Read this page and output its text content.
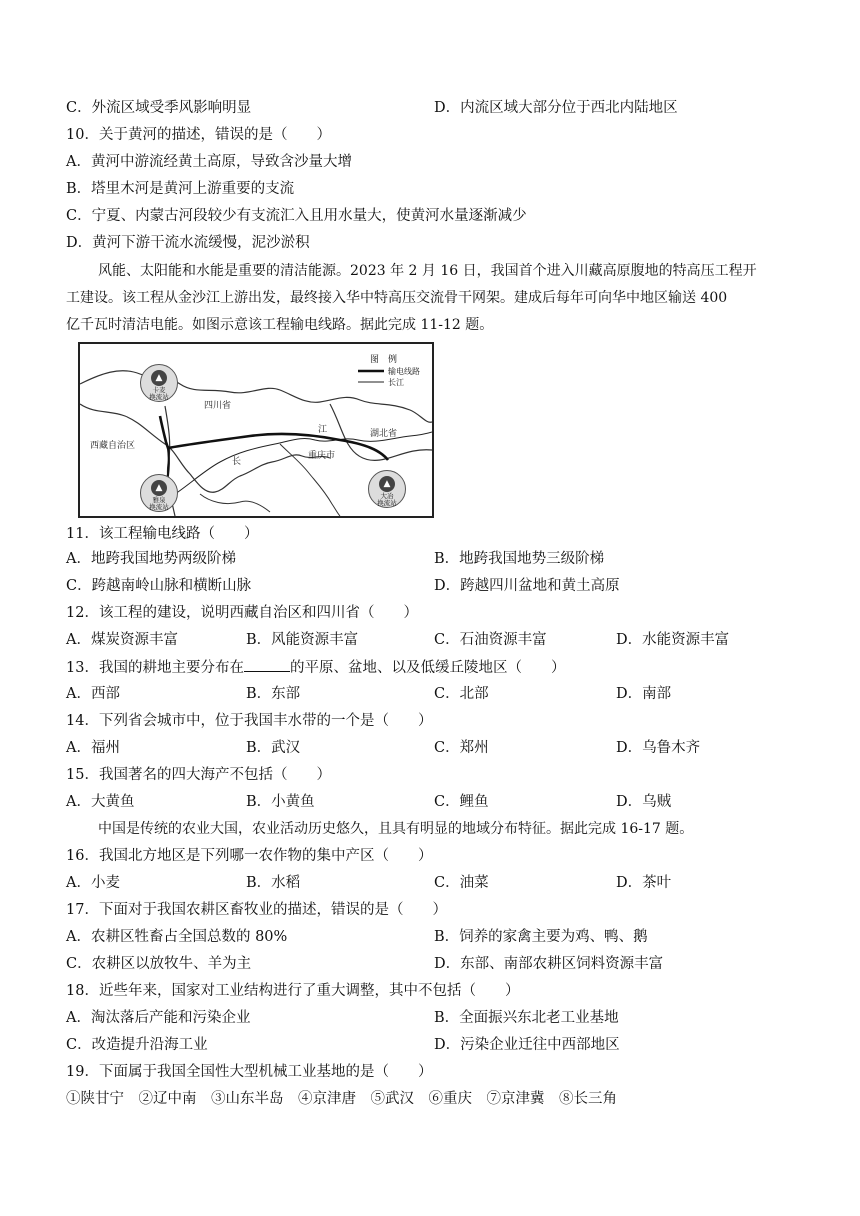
C．外流区域受季风影响明显	D．内流区域大部分位于西北内陆地区
10．关于黄河的描述，错误的是（　　）
A．黄河中游流经黄土高原，导致含沙量大增
B．塔里木河是黄河上游重要的支流
C．宁夏、内蒙古河段较少有支流汇入且用水量大，使黄河水量逐渐减少
D．黄河下游干流水流缓慢，泥沙淤积
风能、太阳能和水能是重要的清洁能源。2023 年 2 月 16 日，我国首个进入川藏高原腹地的特高压工程开
工建设。该工程从金沙江上游出发，最终接入华中特高压交流骨干网架。建成后每年可向华中地区输送 400
亿千瓦时清洁电能。如图示意该工程输电线路。据此完成 11-12 题。
图　例
输电线路
长江
四川省
西藏自治区
湖北省
重庆市
江
长
▲
卡麦
换流站
▲
雅泉
换流站
▲
大冶
换流站
11．该工程输电线路（　　）
A．地跨我国地势两级阶梯	B．地跨我国地势三级阶梯
C．跨越南岭山脉和横断山脉	D．跨越四川盆地和黄土高原
12．该工程的建设，说明西藏自治区和四川省（　　）
A．煤炭资源丰富	B．风能资源丰富	C．石油资源丰富	D．水能资源丰富
13．我国的耕地主要分布在	的平原、盆地、以及低缓丘陵地区（　　）
A．西部	B．东部	C．北部	D．南部
14．下列省会城市中，位于我国丰水带的一个是（　　）
A．福州	B．武汉	C．郑州	D．乌鲁木齐
15．我国著名的四大海产不包括（　　）
A．大黄鱼	B．小黄鱼	C．鲤鱼	D．乌贼
中国是传统的农业大国，农业活动历史悠久，且具有明显的地域分布特征。据此完成 16-17 题。
16．我国北方地区是下列哪一农作物的集中产区（　　）
A．小麦	B．水稻	C．油菜	D．茶叶
17．下面对于我国农耕区畜牧业的描述，错误的是（　　）
A．农耕区牲畜占全国总数的 80%	B．饲养的家禽主要为鸡、鸭、鹅
C．农耕区以放牧牛、羊为主	D．东部、南部农耕区饲料资源丰富
18．近些年来，国家对工业结构进行了重大调整，其中不包括（　　）
A．淘汰落后产能和污染企业	B．全面振兴东北老工业基地
C．改造提升沿海工业	D．污染企业迁往中西部地区
19．下面属于我国全国性大型机械工业基地的是（　　）
①陕甘宁　②辽中南　③山东半岛　④京津唐　⑤武汉　⑥重庆　⑦京津冀　⑧长三角
